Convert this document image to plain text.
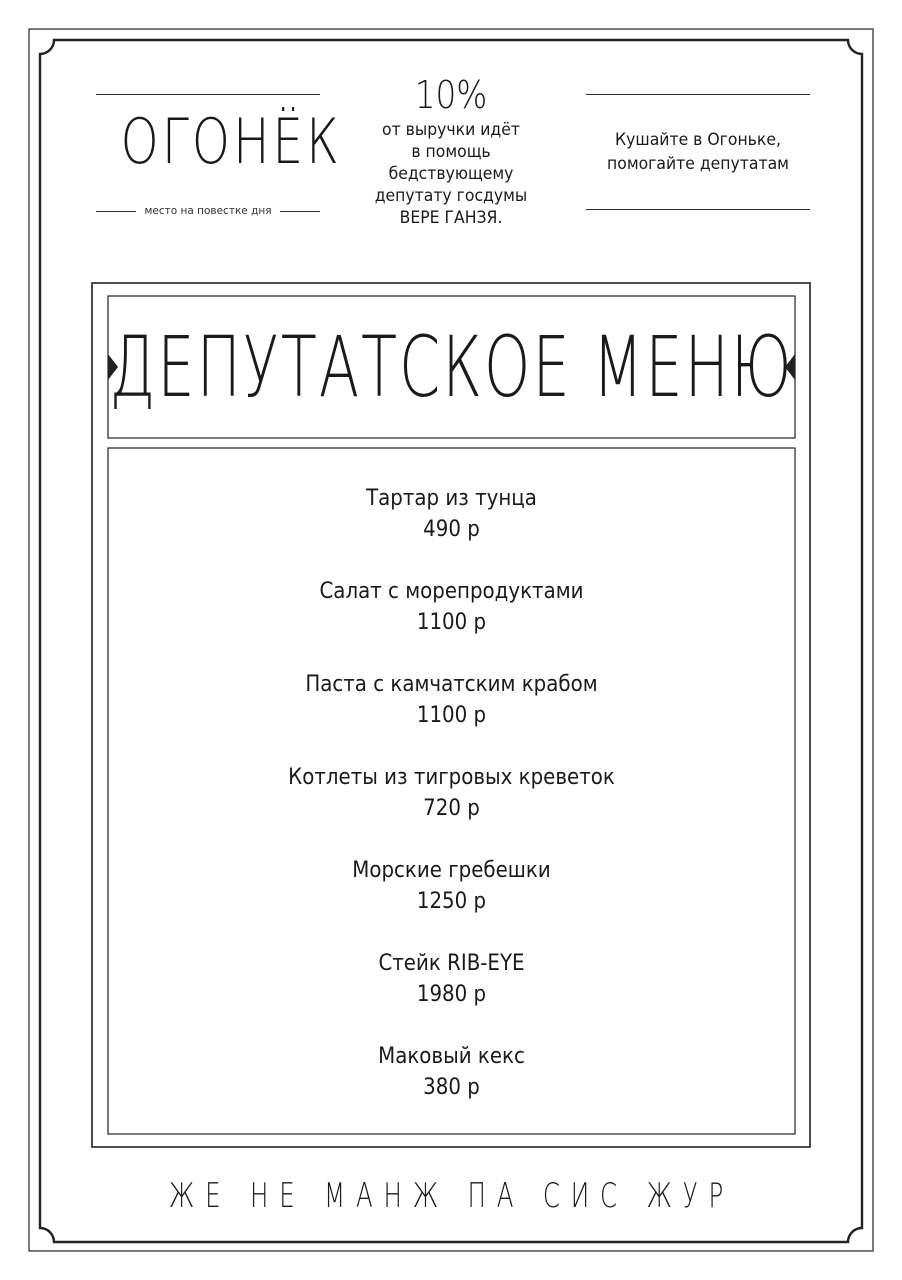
ОГОНЁК
место на повестке дня
10%
от выручки идёт
в помощь
бедствующему
депутату госдумы
ВЕРЕ ГАНЗЯ.
Кушайте в Огоньке,
помогайте депутатам
ДЕПУТАТСКОЕ МЕНЮ
Тартар из тунца
490 р
Салат с морепродуктами
1100 р
Паста с камчатским крабом
1100 р
Котлеты из тигровых креветок
720 р
Морские гребешки
1250 р
Стейк RIB-EYE
1980 р
Маковый кекс
380 р
ЖЕ НЕ МАНЖ ПА СИС ЖУР
